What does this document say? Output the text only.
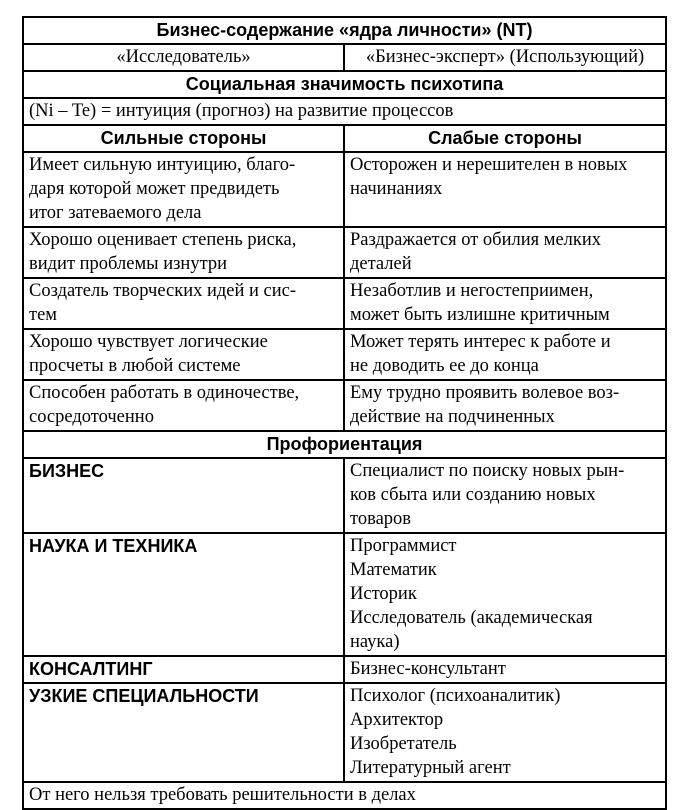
Бизнес-содержание «ядра личности» (NT)	
«Исследователь»	«Бизнес-эксперт» (Использующий)
Социальная значимость психотипа	
(Ni – Te) = интуиция (прогноз) на развитие процессов	
Сильные стороны	Слабые стороны

Имеет сильную интуицию, благо-
даря которой может предвидеть
итог затеваемого дела	Осторожен и нерешителен в новых
начинаниях

Хорошо оценивает степень риска,
видит проблемы изнутри	Раздражается от обилия мелких
деталей

Создатель творческих идей и сис-
тем	Незаботлив и негостеприимен,
может быть излишне критичным

Хорошо чувствует логические
просчеты в любой системе	Может терять интерес к работе и
не доводить ее до конца

Способен работать в одиночестве,
сосредоточенно	Ему трудно проявить волевое воз-
действие на подчиненных

Профориентация	
БИЗНЕС	Специалист по поиску новых рын-
ков сбыта или созданию новых
товаров

НАУКА И ТЕХНИКА	Программист
Математик
Историк
Исследователь (академическая
наука)

КОНСАЛТИНГ	Бизнес-консультант

УЗКИЕ СПЕЦИАЛЬНОСТИ	Психолог (психоаналитик)
Архитектор
Изобретатель
Литературный агент

От него нельзя требовать решительности в делах	
